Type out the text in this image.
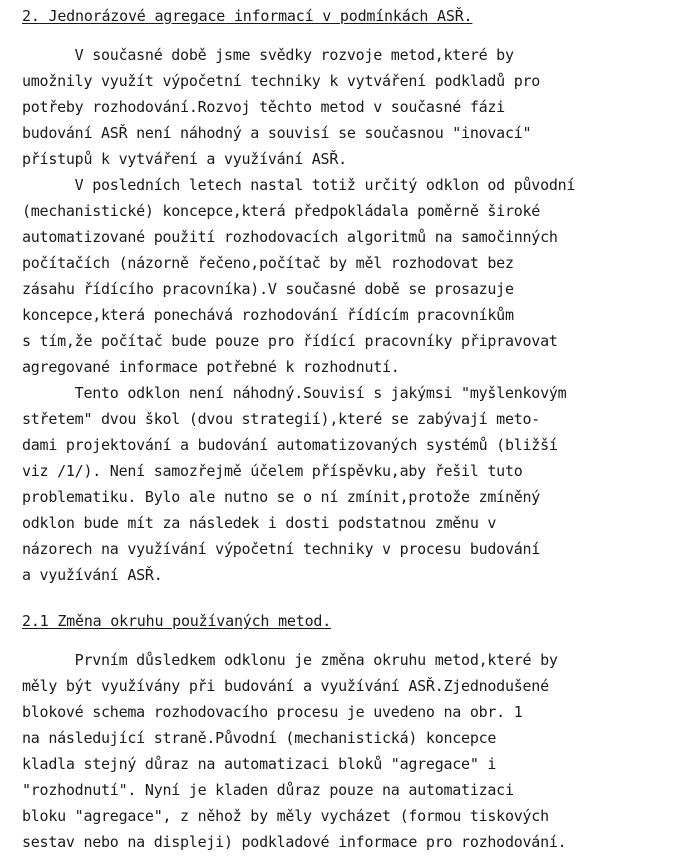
2. Jednorázové agregace informací v podmínkách ASŘ.
V současné době jsme svědky rozvoje metod,které by
umožnily využít výpočetní techniky k vytváření podkladů pro
potřeby rozhodování.Rozvoj těchto metod v současné fázi
budování ASŘ není náhodný a souvisí se současnou "inovací"
přístupů k vytváření a využívání ASŘ.
V posledních letech nastal totiž určitý odklon od původní
(mechanistické) koncepce,která předpokládala poměrně široké
automatizované použití rozhodovacích algoritmů na samočinných
počítačích (názorně řečeno,počítač by měl rozhodovat bez
zásahu řídícího pracovníka).V současné době se prosazuje
koncepce,která ponechává rozhodování řídícím pracovníkům
s tím,že počítač bude pouze pro řídící pracovníky připravovat
agregované informace potřebné k rozhodnutí.
Tento odklon není náhodný.Souvisí s jakýmsi "myšlenkovým
střetem" dvou škol (dvou strategií),které se zabývají meto-
dami projektování a budování automatizovaných systémů (bližší
viz /1/). Není samozřejmě účelem příspěvku,aby řešil tuto
problematiku. Bylo ale nutno se o ní zmínit,protože zmíněný
odklon bude mít za následek i dosti podstatnou změnu v
názorech na využívání výpočetní techniky v procesu budování
a využívání ASŘ.
2.1 Změna okruhu používaných metod.
Prvním důsledkem odklonu je změna okruhu metod,které by
měly být využívány při budování a využívání ASŘ.Zjednodušené
blokové schema rozhodovacího procesu je uvedeno na obr. 1
na následující straně.Původní (mechanistická) koncepce
kladla stejný důraz na automatizaci bloků "agregace" i
"rozhodnutí". Nyní je kladen důraz pouze na automatizaci
bloku "agregace", z něhož by měly vycházet (formou tiskových
sestav nebo na displeji) podkladové informace pro rozhodování.
